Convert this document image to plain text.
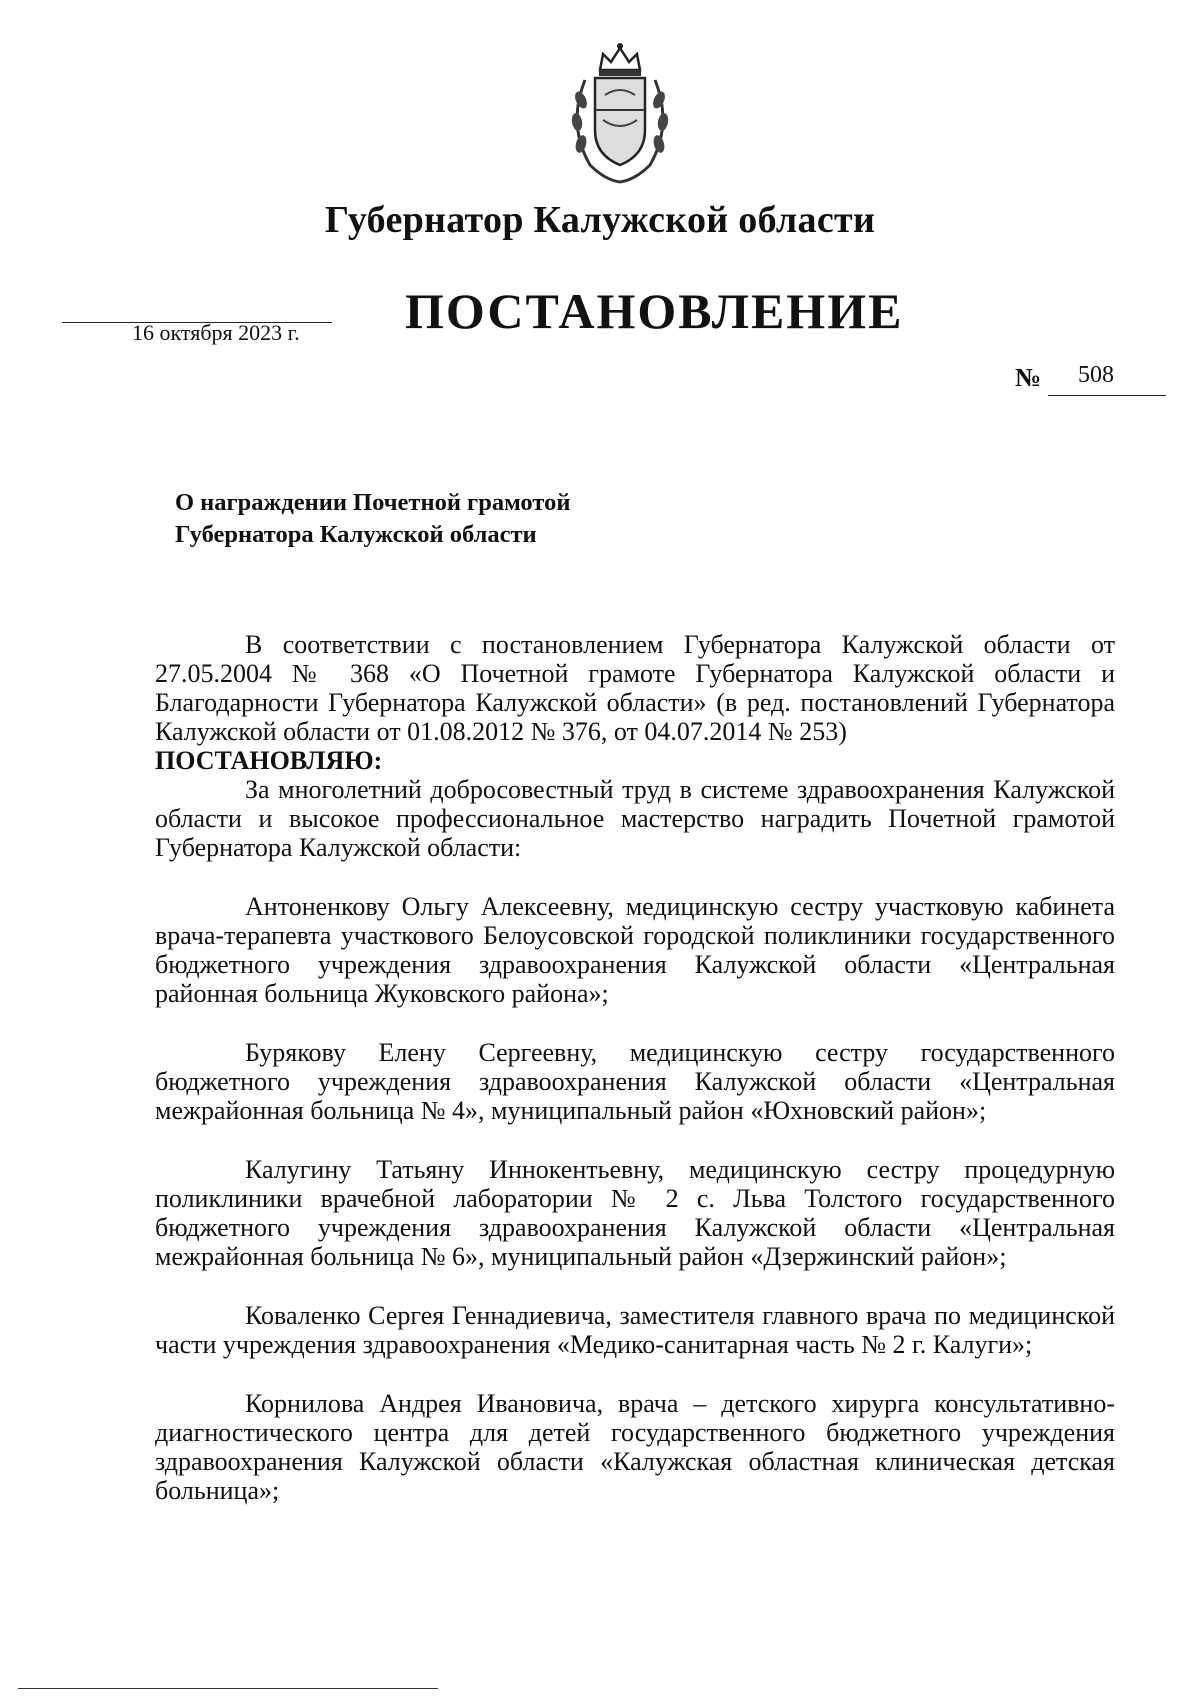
Губернатор Калужской области
ПОСТАНОВЛЕНИЕ
16 октября 2023 г.
№ 508
О награждении Почетной грамотой
Губернатора Калужской области

В соответствии с постановлением Губернатора Калужской области от 27.05.2004 № 368 «О Почетной грамоте Губернатора Калужской области и Благодарности Губернатора Калужской области» (в ред. постановлений Губернатора Калужской области от 01.08.2012 № 376, от 04.07.2014 № 253)

ПОСТАНОВЛЯЮ:

За многолетний добросовестный труд в системе здравоохранения Калужской области и высокое профессиональное мастерство наградить Почетной грамотой Губернатора Калужской области:

Антоненкову Ольгу Алексеевну, медицинскую сестру участковую кабинета врача-терапевта участкового Белоусовской городской поликлиники государственного бюджетного учреждения здравоохранения Калужской области «Центральная районная больница Жуковского района»;

Бурякову Елену Сергеевну, медицинскую сестру государственного бюджетного учреждения здравоохранения Калужской области «Центральная межрайонная больница № 4», муниципальный район «Юхновский район»;

Калугину Татьяну Иннокентьевну, медицинскую сестру процедурную поликлиники врачебной лаборатории № 2 с. Льва Толстого государственного бюджетного учреждения здравоохранения Калужской области «Центральная межрайонная больница № 6», муниципальный район «Дзержинский район»;

Коваленко Сергея Геннадиевича, заместителя главного врача по медицинской части учреждения здравоохранения «Медико-санитарная часть № 2 г. Калуги»;

Корнилова Андрея Ивановича, врача – детского хирурга консультативно-диагностического центра для детей государственного бюджетного учреждения здравоохранения Калужской области «Калужская областная клиническая детская больница»;
